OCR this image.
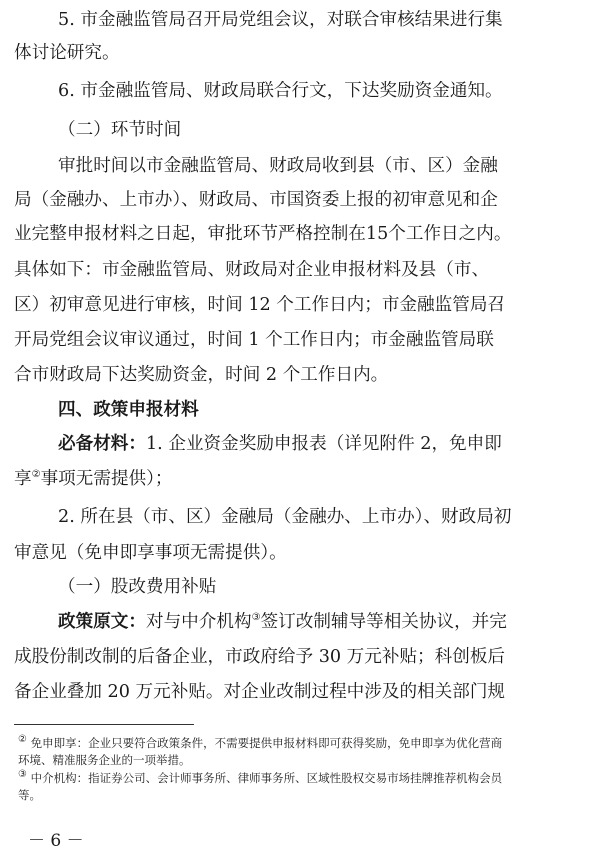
5. 市金融监管局召开局党组会议，对联合审核结果进行集
体讨论研究。
6. 市金融监管局、财政局联合行文，下达奖励资金通知。
（二）环节时间
审批时间以市金融监管局、财政局收到县（市、区）金融
局（金融办、上市办）、财政局、市国资委上报的初审意见和企
业完整申报材料之日起，审批环节严格控制在15个工作日之内。
具体如下：市金融监管局、财政局对企业申报材料及县（市、
区）初审意见进行审核，时间 12 个工作日内；市金融监管局召
开局党组会议审议通过，时间 1 个工作日内；市金融监管局联
合市财政局下达奖励资金，时间 2 个工作日内。
四、政策申报材料
必备材料：1. 企业资金奖励申报表（详见附件 2，免申即
享②事项无需提供）；
2. 所在县（市、区）金融局（金融办、上市办）、财政局初
审意见（免申即享事项无需提供）。
（一）股改费用补贴
政策原文：对与中介机构③签订改制辅导等相关协议，并完
成股份制改制的后备企业，市政府给予 30 万元补贴；科创板后
备企业叠加 20 万元补贴。对企业改制过程中涉及的相关部门规
② 免申即享：企业只要符合政策条件，不需要提供申报材料即可获得奖励，免申即享为优化营商
环境、精准服务企业的一项举措。
③ 中介机构：指证券公司、会计师事务所、律师事务所、区域性股权交易市场挂牌推荐机构会员
等。
－ 6 －
